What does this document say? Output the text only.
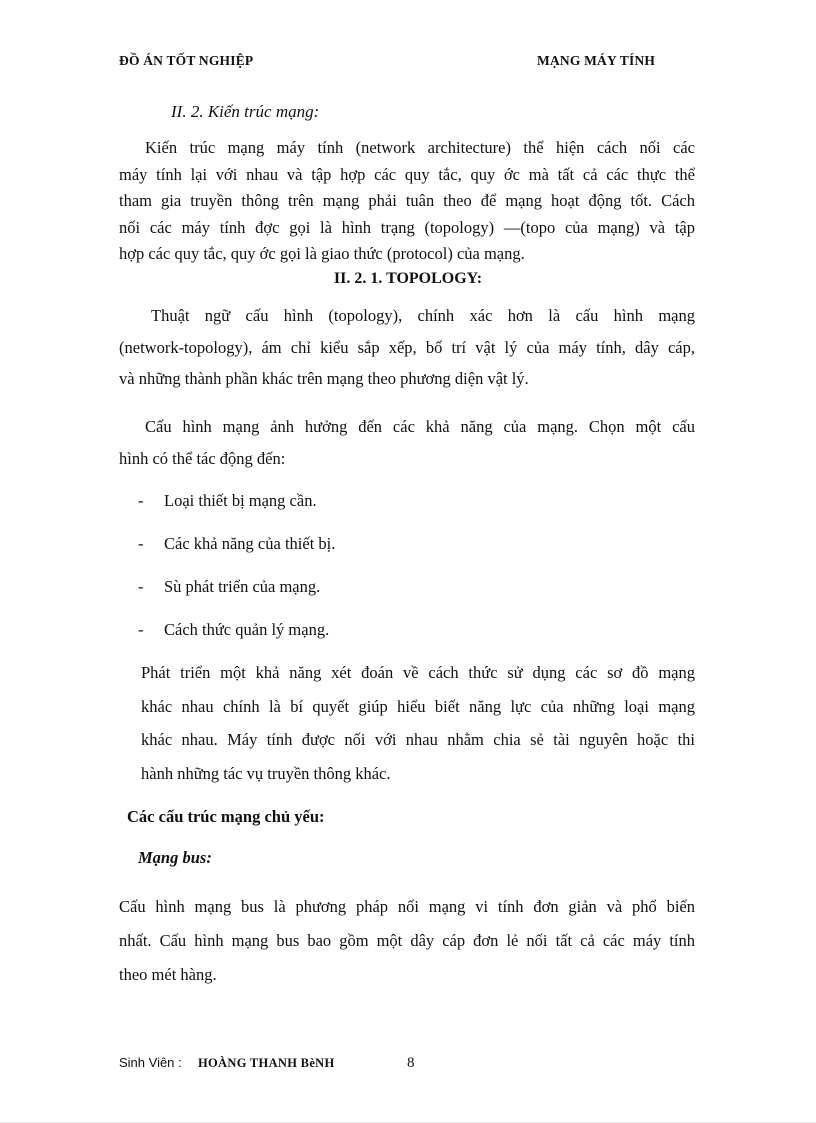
ĐỒ ÁN TỐT NGHIỆP	MẠNG MÁY TÍNH
II. 2. Kiến trúc mạng:
Kiến trúc mạng máy tính (network architecture) thể hiện cách nối các
máy tính lại với nhau và tập hợp các quy tắc, quy ớc mà tất cả các thực thể
tham gia truyền thông trên mạng phải tuân theo để mạng hoạt động tốt. Cách
nối các máy tính đợc gọi là hình trạng (topology) —(topo của mạng) và tập
hợp các quy tắc, quy ớc gọi là giao thức (protocol) của mạng.
II. 2. 1. TOPOLOGY:
Thuật ngữ cấu hình (topology), chính xác hơn là cấu hình mạng
(network-topology), ám chỉ kiểu sắp xếp, bố trí vật lý của máy tính, dây cáp,
và những thành phần khác trên mạng theo phương diện vật lý.
Cấu hình mạng ảnh hưởng đến các khả năng của mạng. Chọn một cấu
hình có thể tác động đến:
- Loại thiết bị mạng cần.
- Các khả năng của thiết bị.
- Sù phát triển của mạng.
- Cách thức quản lý mạng.
Phát triển một khả năng xét đoán về cách thức sử dụng các sơ đồ mạng
khác nhau chính là bí quyết giúp hiểu biết năng lực của những loại mạng
khác nhau. Máy tính được nối với nhau nhằm chia sẻ tài nguyên hoặc thi
hành những tác vụ truyền thông khác.
Các cấu trúc mạng chủ yếu:
Mạng bus:
Cấu hình mạng bus là phương pháp nối mạng vi tính đơn giản và phổ biến
nhất. Cấu hình mạng bus bao gồm một dây cáp đơn lẻ nối tất cả các máy tính
theo mét hàng.
Sinh Viên : HOÀNG THANH BèNH	8
